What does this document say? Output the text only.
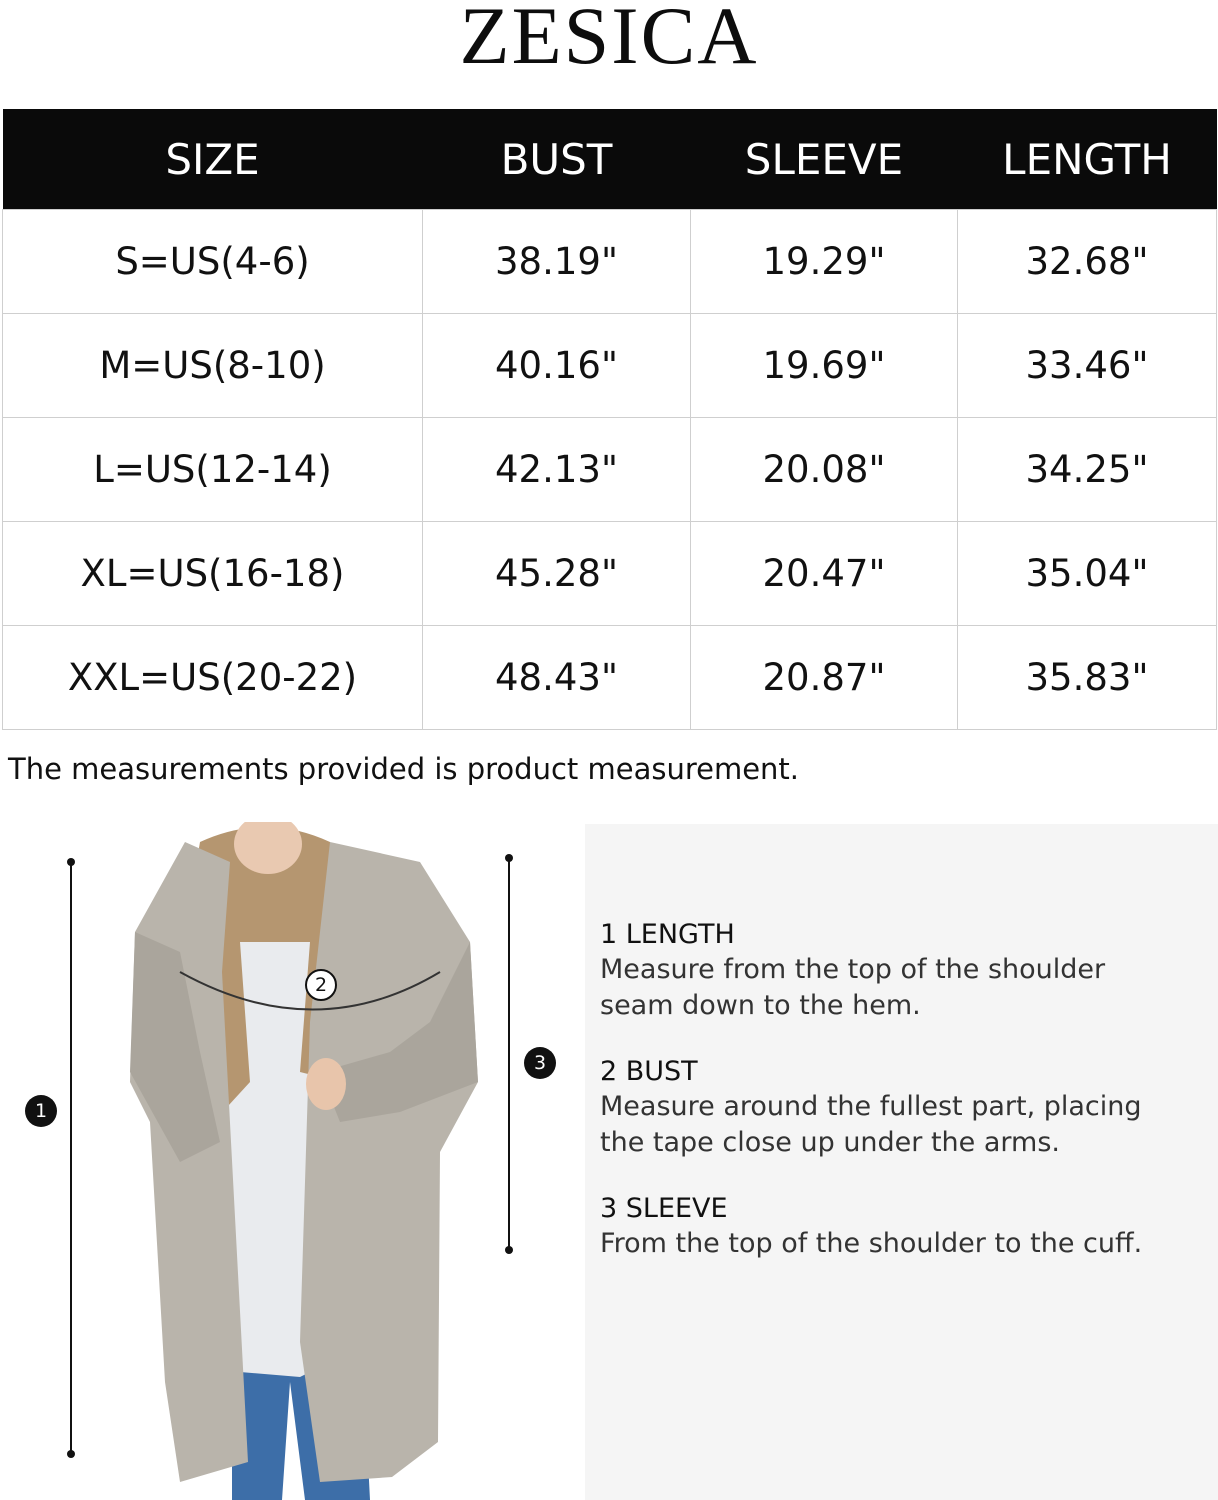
ZESICA
SIZE	BUST	SLEEVE	LENGTH
S=US(4-6)	38.19"	19.29"	32.68"
M=US(8-10)	40.16"	19.69"	33.46"
L=US(12-14)	42.13"	20.08"	34.25"
XL=US(16-18)	45.28"	20.47"	35.04"
XXL=US(20-22)	48.43"	20.87"	35.83"
The measurements provided is product measurement.
1
2
3
1 LENGTH
Measure from the top of the shoulder
seam down to the hem.
2 BUST
Measure around the fullest part, placing
the tape close up under the arms.
3 SLEEVE
From the top of the shoulder to the cuff.
